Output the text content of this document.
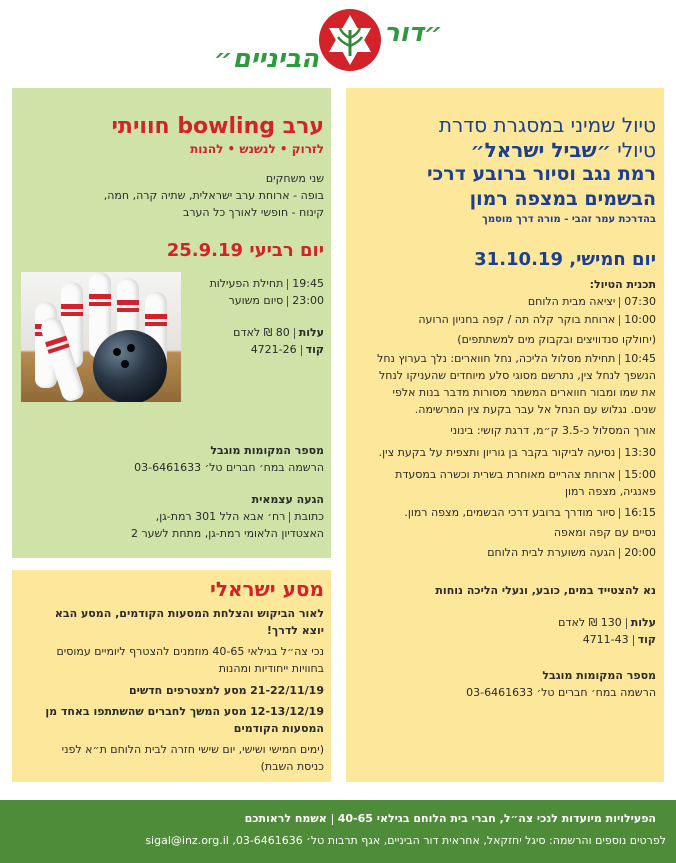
״דור
הביניים״
ערב bowling חוויתי
לזרוק • לנשנש • להנות
שני משחקים
בופה - ארוחת ערב ישראלית, שתיה קרה, חמה,
קינוח - חופשי לאורך כל הערב
יום רביעי 25.9.19
19:45תחילת הפעילות
23:00סיום משוער
עלות80 ₪ לאדם
קוד4721-26
מספר המקומות מוגבל
הרשמה במח׳ חברים טל׳ 03-6461633
הגעה עצמאית
כתובתרח׳ אבא הלל 301 רמת-גן,
האצטדיון הלאומי רמת-גן, מתחת לשער 2
מסע ישראלי
לאור הביקוש והצלחת המסעות הקודמים, המסע הבא
יוצא לדרך!
נכי צה״ל בגילאי 40-65 מוזמנים להצטרף ליומיים עמוסים
בחוויות ייחודיות ומהנות
21-22/11/19 מסע למצטרפים חדשים
12-13/12/19 מסע המשך לחברים שהשתתפו באחד מן
המסעות הקודמים
(ימים חמישי ושישי, יום שישי חזרה לבית הלוחם ת״א לפני
כניסת השבת)
טיול שמיני במסגרת סדרת
טיולי ״שביל ישראל״
רמת נגב וסיור ברובע דרכי
הבשמים במצפה רמון
בהדרכת עמר זהבי - מורה דרך מוסמך
יום חמישי, 31.10.19
תכנית הטיול:
07:30יציאה מבית הלוחם
10:00ארוחת בוקר קלה תה / קפה בחניון הרועה
(יחולקו סנדוויצים ובקבוק מים למשתתפים)
10:45תחילת מסלול הליכה, נחל חווארים: נלך בערוץ נחל
הנשפך לנחל צין, נתרשם מסוגי סלע מיוחדים שהעניקו לנחל
את שמו ומבור חווארים המשמר מסורות מדבר בנות אלפי
שנים. נגלוש עם הנחל אל עבר בקעת צין המרשימה.
אורך המסלול כ-3.5 ק״מ, דרגת קושי: בינוני
13:30נסיעה לביקור בקבר בן גוריון ותצפית על בקעת צין.
15:00ארוחת צהריים מאוחרת בשרית וכשרה במסעדת
פאנגיה, מצפה רמון
16:15סיור מודרך ברובע דרכי הבשמים, מצפה רמון.
נסיים עם קפה ומאפה
20:00הגעה משוערת לבית הלוחם
נא להצטייד במים, כובע, ונעלי הליכה נוחות
עלות130 ₪ לאדם
קוד4711-43
מספר המקומות מוגבל
הרשמה במח׳ חברים טל׳ 03-6461633
הפעילויות מיועדות לנכי צה״ל, חברי בית הלוחם בגילאי 40-65אשמח לראותכם
לפרטים נוספים והרשמה: סיגל יחזקאל, אחראית דור הביניים, אגף תרבות טל׳ 03-6461636, sigal@inz.org.il
